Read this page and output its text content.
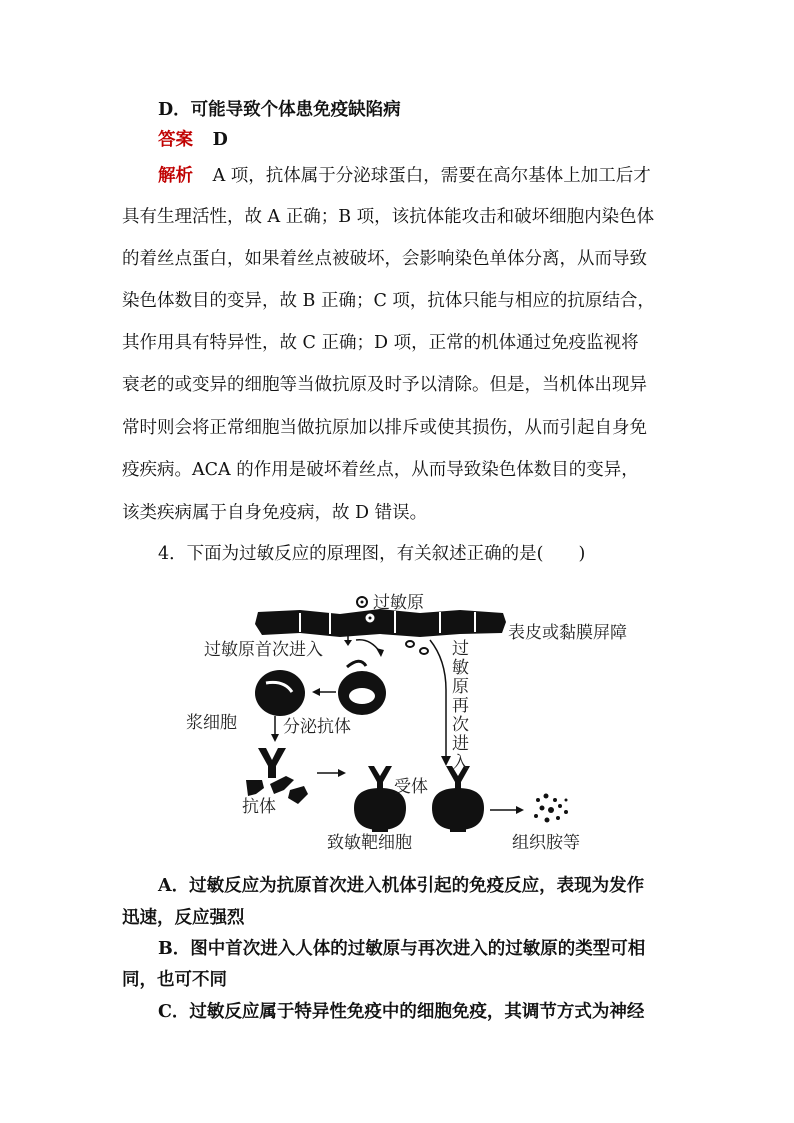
D．可能导致个体患免疫缺陷病
答案 D
解析 A 项，抗体属于分泌球蛋白，需要在高尔基体上加工后才
具有生理活性，故 A 正确；B 项，该抗体能攻击和破坏细胞内染色体
的着丝点蛋白，如果着丝点被破坏，会影响染色单体分离，从而导致
染色体数目的变异，故 B 正确；C 项，抗体只能与相应的抗原结合，
其作用具有特异性，故 C 正确；D 项，正常的机体通过免疫监视将
衰老的或变异的细胞等当做抗原及时予以清除。但是，当机体出现异
常时则会将正常细胞当做抗原加以排斥或使其损伤，从而引起自身免
疫疾病。ACA 的作用是破坏着丝点，从而导致染色体数目的变异，
该类疾病属于自身免疫病，故 D 错误。
4．下面为过敏反应的原理图，有关叙述正确的是(　　)
过敏原
表皮或黏膜屏障
过敏原首次进入
浆细胞	分泌抗体
抗体
受体
致敏靶细胞	组织胺等
过敏原再次进入
A．过敏反应为抗原首次进入机体引起的免疫反应，表现为发作
迅速，反应强烈
B．图中首次进入人体的过敏原与再次进入的过敏原的类型可相
同，也可不同
C．过敏反应属于特异性免疫中的细胞免疫，其调节方式为神经
